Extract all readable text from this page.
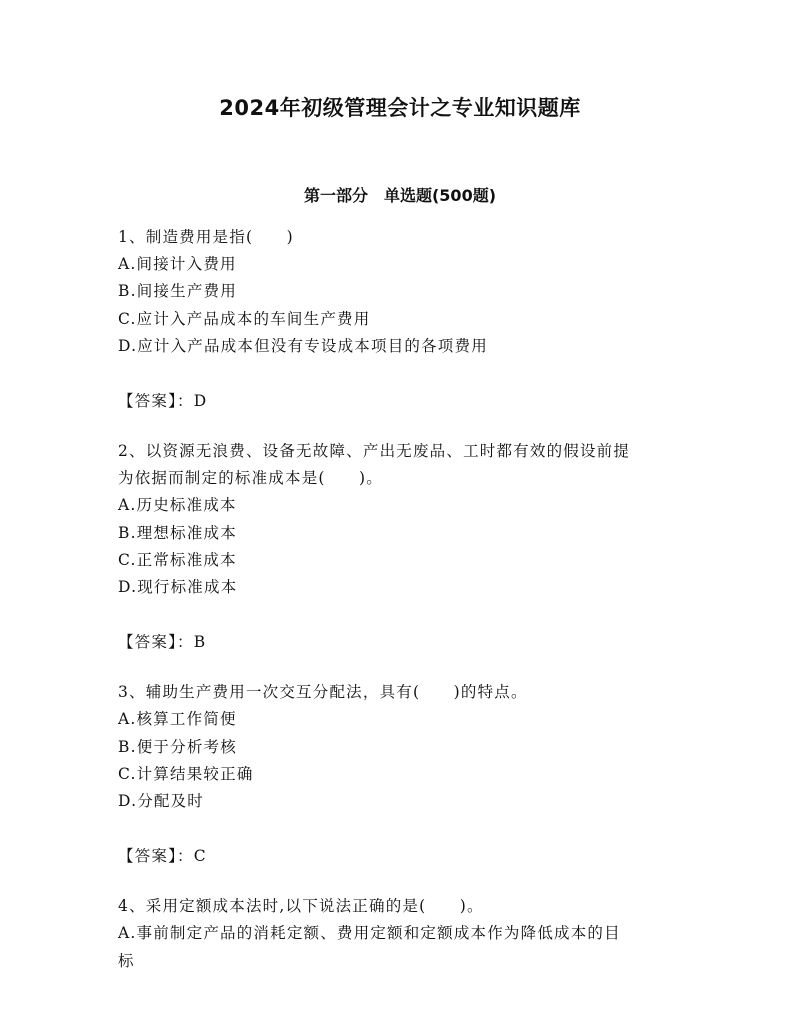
2024年初级管理会计之专业知识题库
第一部分　单选题(500题)
1、制造费用是指(　　)
A.间接计入费用
B.间接生产费用
C.应计入产品成本的车间生产费用
D.应计入产品成本但没有专设成本项目的各项费用
【答案】：D
2、以资源无浪费、设备无故障、产出无废品、工时都有效的假设前提
为依据而制定的标准成本是(　　)。
A.历史标准成本
B.理想标准成本
C.正常标准成本
D.现行标准成本
【答案】：B
3、辅助生产费用一次交互分配法，具有(　　)的特点。
A.核算工作简便
B.便于分析考核
C.计算结果较正确
D.分配及时
【答案】：C
4、采用定额成本法时,以下说法正确的是(　　)。
A.事前制定产品的消耗定额、费用定额和定额成本作为降低成本的目
标
